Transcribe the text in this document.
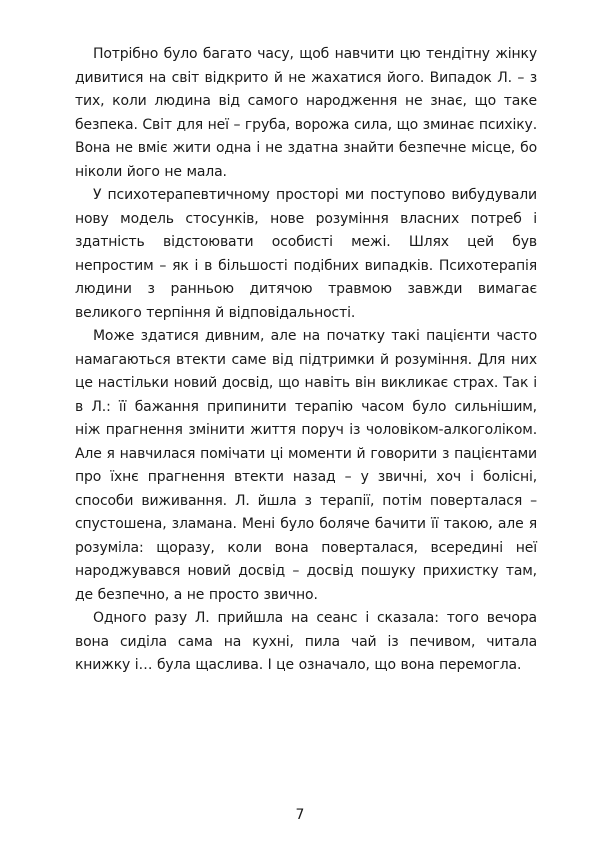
Потрібно було багато часу, щоб навчити цю тендітну жінку дивитися на світ відкрито й не жахатися його. Випадок Л. – з тих, коли людина від самого народження не знає, що таке безпека. Світ для неї – груба, ворожа сила, що зминає психіку. Вона не вміє жити одна і не здатна знайти безпечне місце, бо ніколи його не мала.

У психотерапевтичному просторі ми поступово вибудували нову модель стосунків, нове розуміння власних потреб і здатність відстоювати особисті межі. Шлях цей був непростим – як і в більшості подібних випадків. Психотерапія людини з ранньою дитячою травмою завжди вимагає великого терпіння й відповідальності.

Може здатися дивним, але на початку такі пацієнти часто намагаються втекти саме від підтримки й розуміння. Для них це настільки новий досвід, що навіть він викликає страх. Так і в Л.: її бажання припинити терапію часом було сильнішим, ніж прагнення змінити життя поруч із чоловіком-алкоголіком. Але я навчилася помічати ці моменти й говорити з пацієнтами про їхнє прагнення втекти назад – у звичні, хоч і болісні, способи виживання. Л. йшла з терапії, потім поверталася – спустошена, зламана. Мені було боляче бачити її такою, але я розуміла: щоразу, коли вона поверталася, всередині неї народжувався новий досвід – досвід пошуку прихистку там, де безпечно, а не просто звично.

Одного разу Л. прийшла на сеанс і сказала: того вечора вона сиділа сама на кухні, пила чай із печивом, читала книжку і… була щаслива. І це означало, що вона перемогла.

7
